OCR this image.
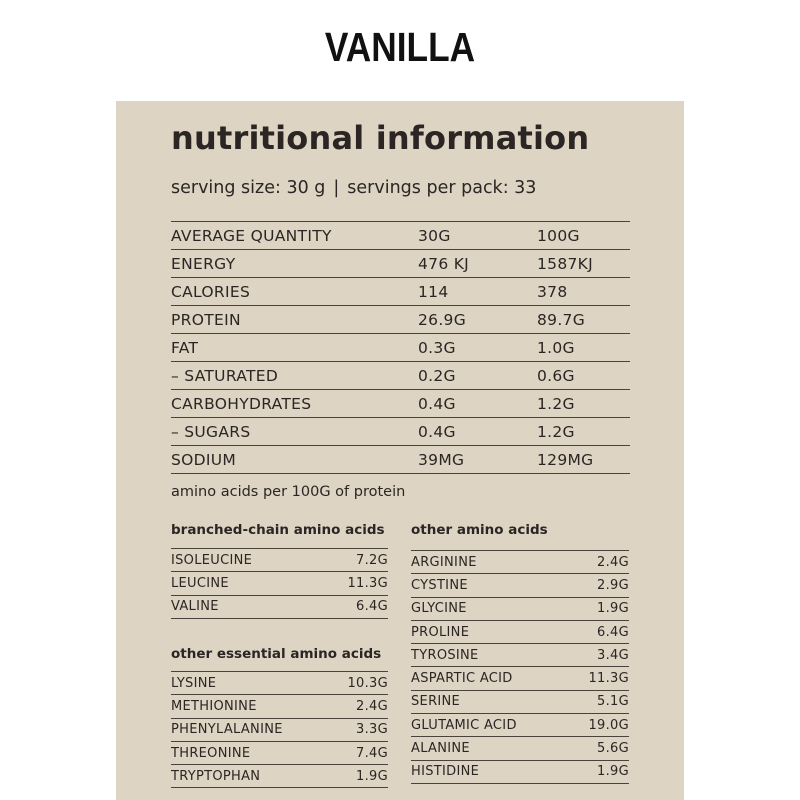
VANILLA
nutritional information

serving size: 30 g | servings per pack: 33

AVERAGE QUANTITY	30G	100G
ENERGY	476 KJ	1587KJ
CALORIES	114	378
PROTEIN	26.9G	89.7G
FAT	0.3G	1.0G
– SATURATED	0.2G	0.6G
CARBOHYDRATES	0.4G	1.2G
– SUGARS	0.4G	1.2G
SODIUM	39MG	129MG

amino acids per 100G of protein

branched-chain amino acids
ISOLEUCINE	7.2G
LEUCINE	11.3G
VALINE	6.4G
other essential amino acids
LYSINE	10.3G
METHIONINE	2.4G
PHENYLALANINE	3.3G
THREONINE	7.4G
TRYPTOPHAN	1.9G
other amino acids
ARGININE	2.4G
CYSTINE	2.9G
GLYCINE	1.9G
PROLINE	6.4G
TYROSINE	3.4G
ASPARTIC ACID	11.3G
SERINE	5.1G
GLUTAMIC ACID	19.0G
ALANINE	5.6G
HISTIDINE	1.9G
